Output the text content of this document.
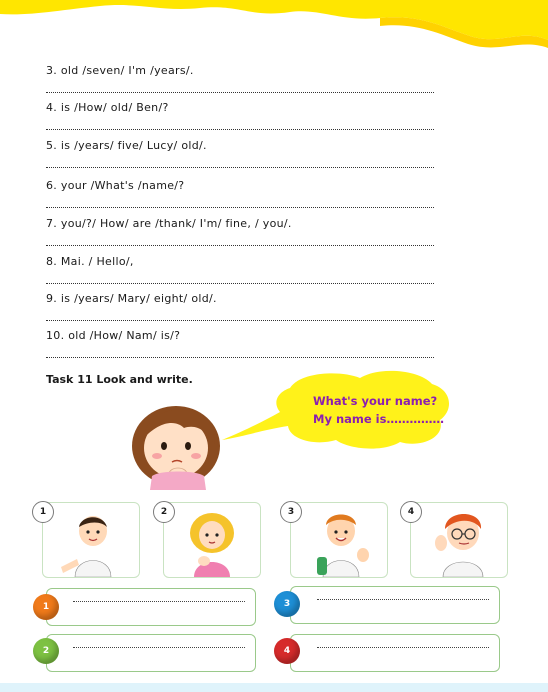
3. old /seven/ I'm /years/.
4. is /How/ old/ Ben/?
5. is /years/ five/ Lucy/ old/.
6. your /What's /name/?
7. you/?/ How/ are /thank/ I'm/ fine, / you/.
8. Mai. / Hello/,
9. is /years/ Mary/ eight/ old/.
10. old /How/ Nam/ is/?
Task 11 Look and write.
What's your name?
My name is……………
1	2	3	4
1	3
2	4
